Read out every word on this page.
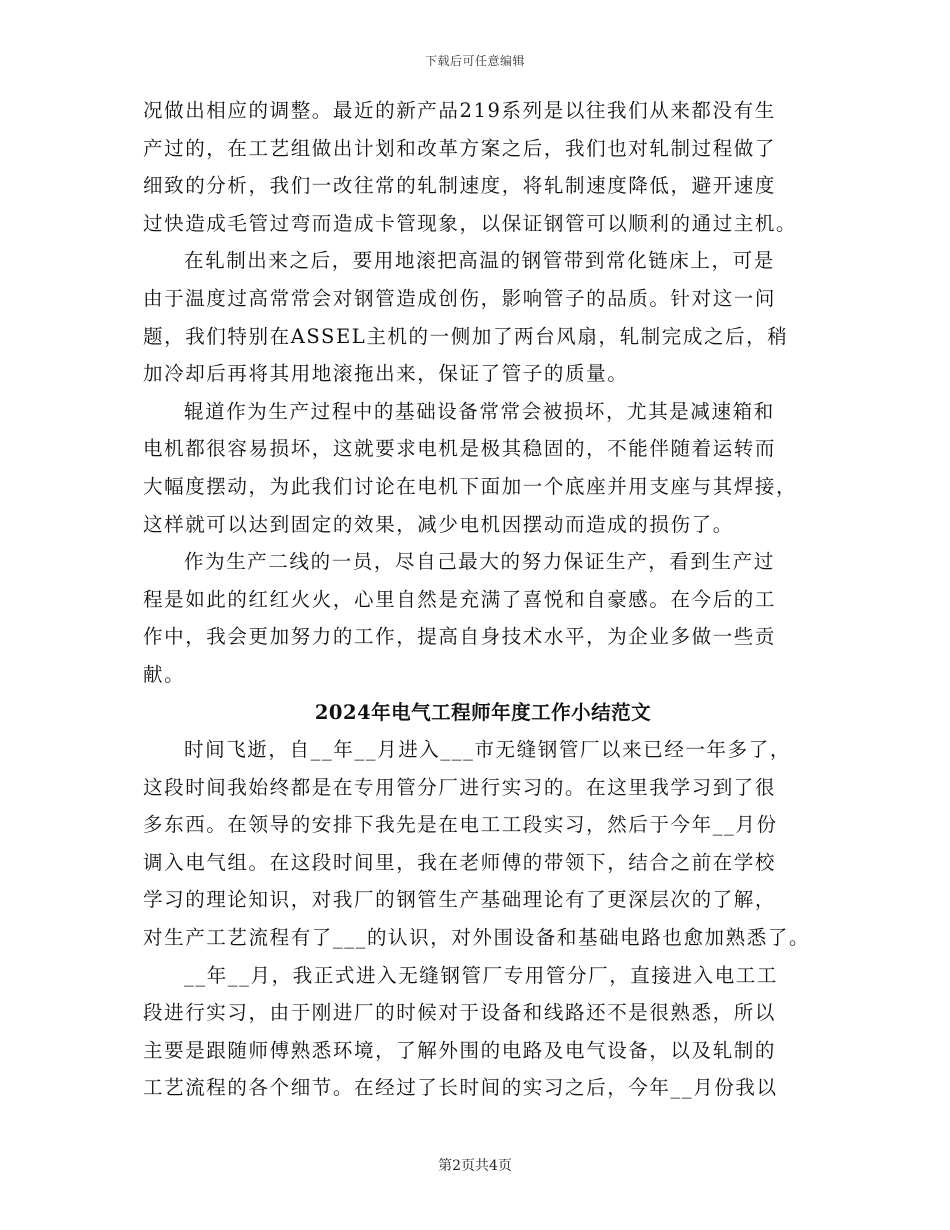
下载后可任意编辑
况做出相应的调整。最近的新产品219系列是以往我们从来都没有生
产过的，在工艺组做出计划和改革方案之后，我们也对轧制过程做了
细致的分析，我们一改往常的轧制速度，将轧制速度降低，避开速度
过快造成毛管过弯而造成卡管现象，以保证钢管可以顺利的通过主机。
在轧制出来之后，要用地滚把高温的钢管带到常化链床上，可是
由于温度过高常常会对钢管造成创伤，影响管子的品质。针对这一问
题，我们特别在ASSEL主机的一侧加了两台风扇，轧制完成之后，稍
加冷却后再将其用地滚拖出来，保证了管子的质量。
辊道作为生产过程中的基础设备常常会被损坏，尤其是减速箱和
电机都很容易损坏，这就要求电机是极其稳固的，不能伴随着运转而
大幅度摆动，为此我们讨论在电机下面加一个底座并用支座与其焊接，
这样就可以达到固定的效果，减少电机因摆动而造成的损伤了。
作为生产二线的一员，尽自己最大的努力保证生产，看到生产过
程是如此的红红火火，心里自然是充满了喜悦和自豪感。在今后的工
作中，我会更加努力的工作，提高自身技术水平，为企业多做一些贡
献。
2024年电气工程师年度工作小结范文
时间飞逝，自__年__月进入___市无缝钢管厂以来已经一年多了，
这段时间我始终都是在专用管分厂进行实习的。在这里我学习到了很
多东西。在领导的安排下我先是在电工工段实习，然后于今年__月份
调入电气组。在这段时间里，我在老师傅的带领下，结合之前在学校
学习的理论知识，对我厂的钢管生产基础理论有了更深层次的了解，
对生产工艺流程有了___的认识，对外围设备和基础电路也愈加熟悉了。
__年__月，我正式进入无缝钢管厂专用管分厂，直接进入电工工
段进行实习，由于刚进厂的时候对于设备和线路还不是很熟悉，所以
主要是跟随师傅熟悉环境，了解外围的电路及电气设备，以及轧制的
工艺流程的各个细节。在经过了长时间的实习之后，今年__月份我以
第2页共4页
